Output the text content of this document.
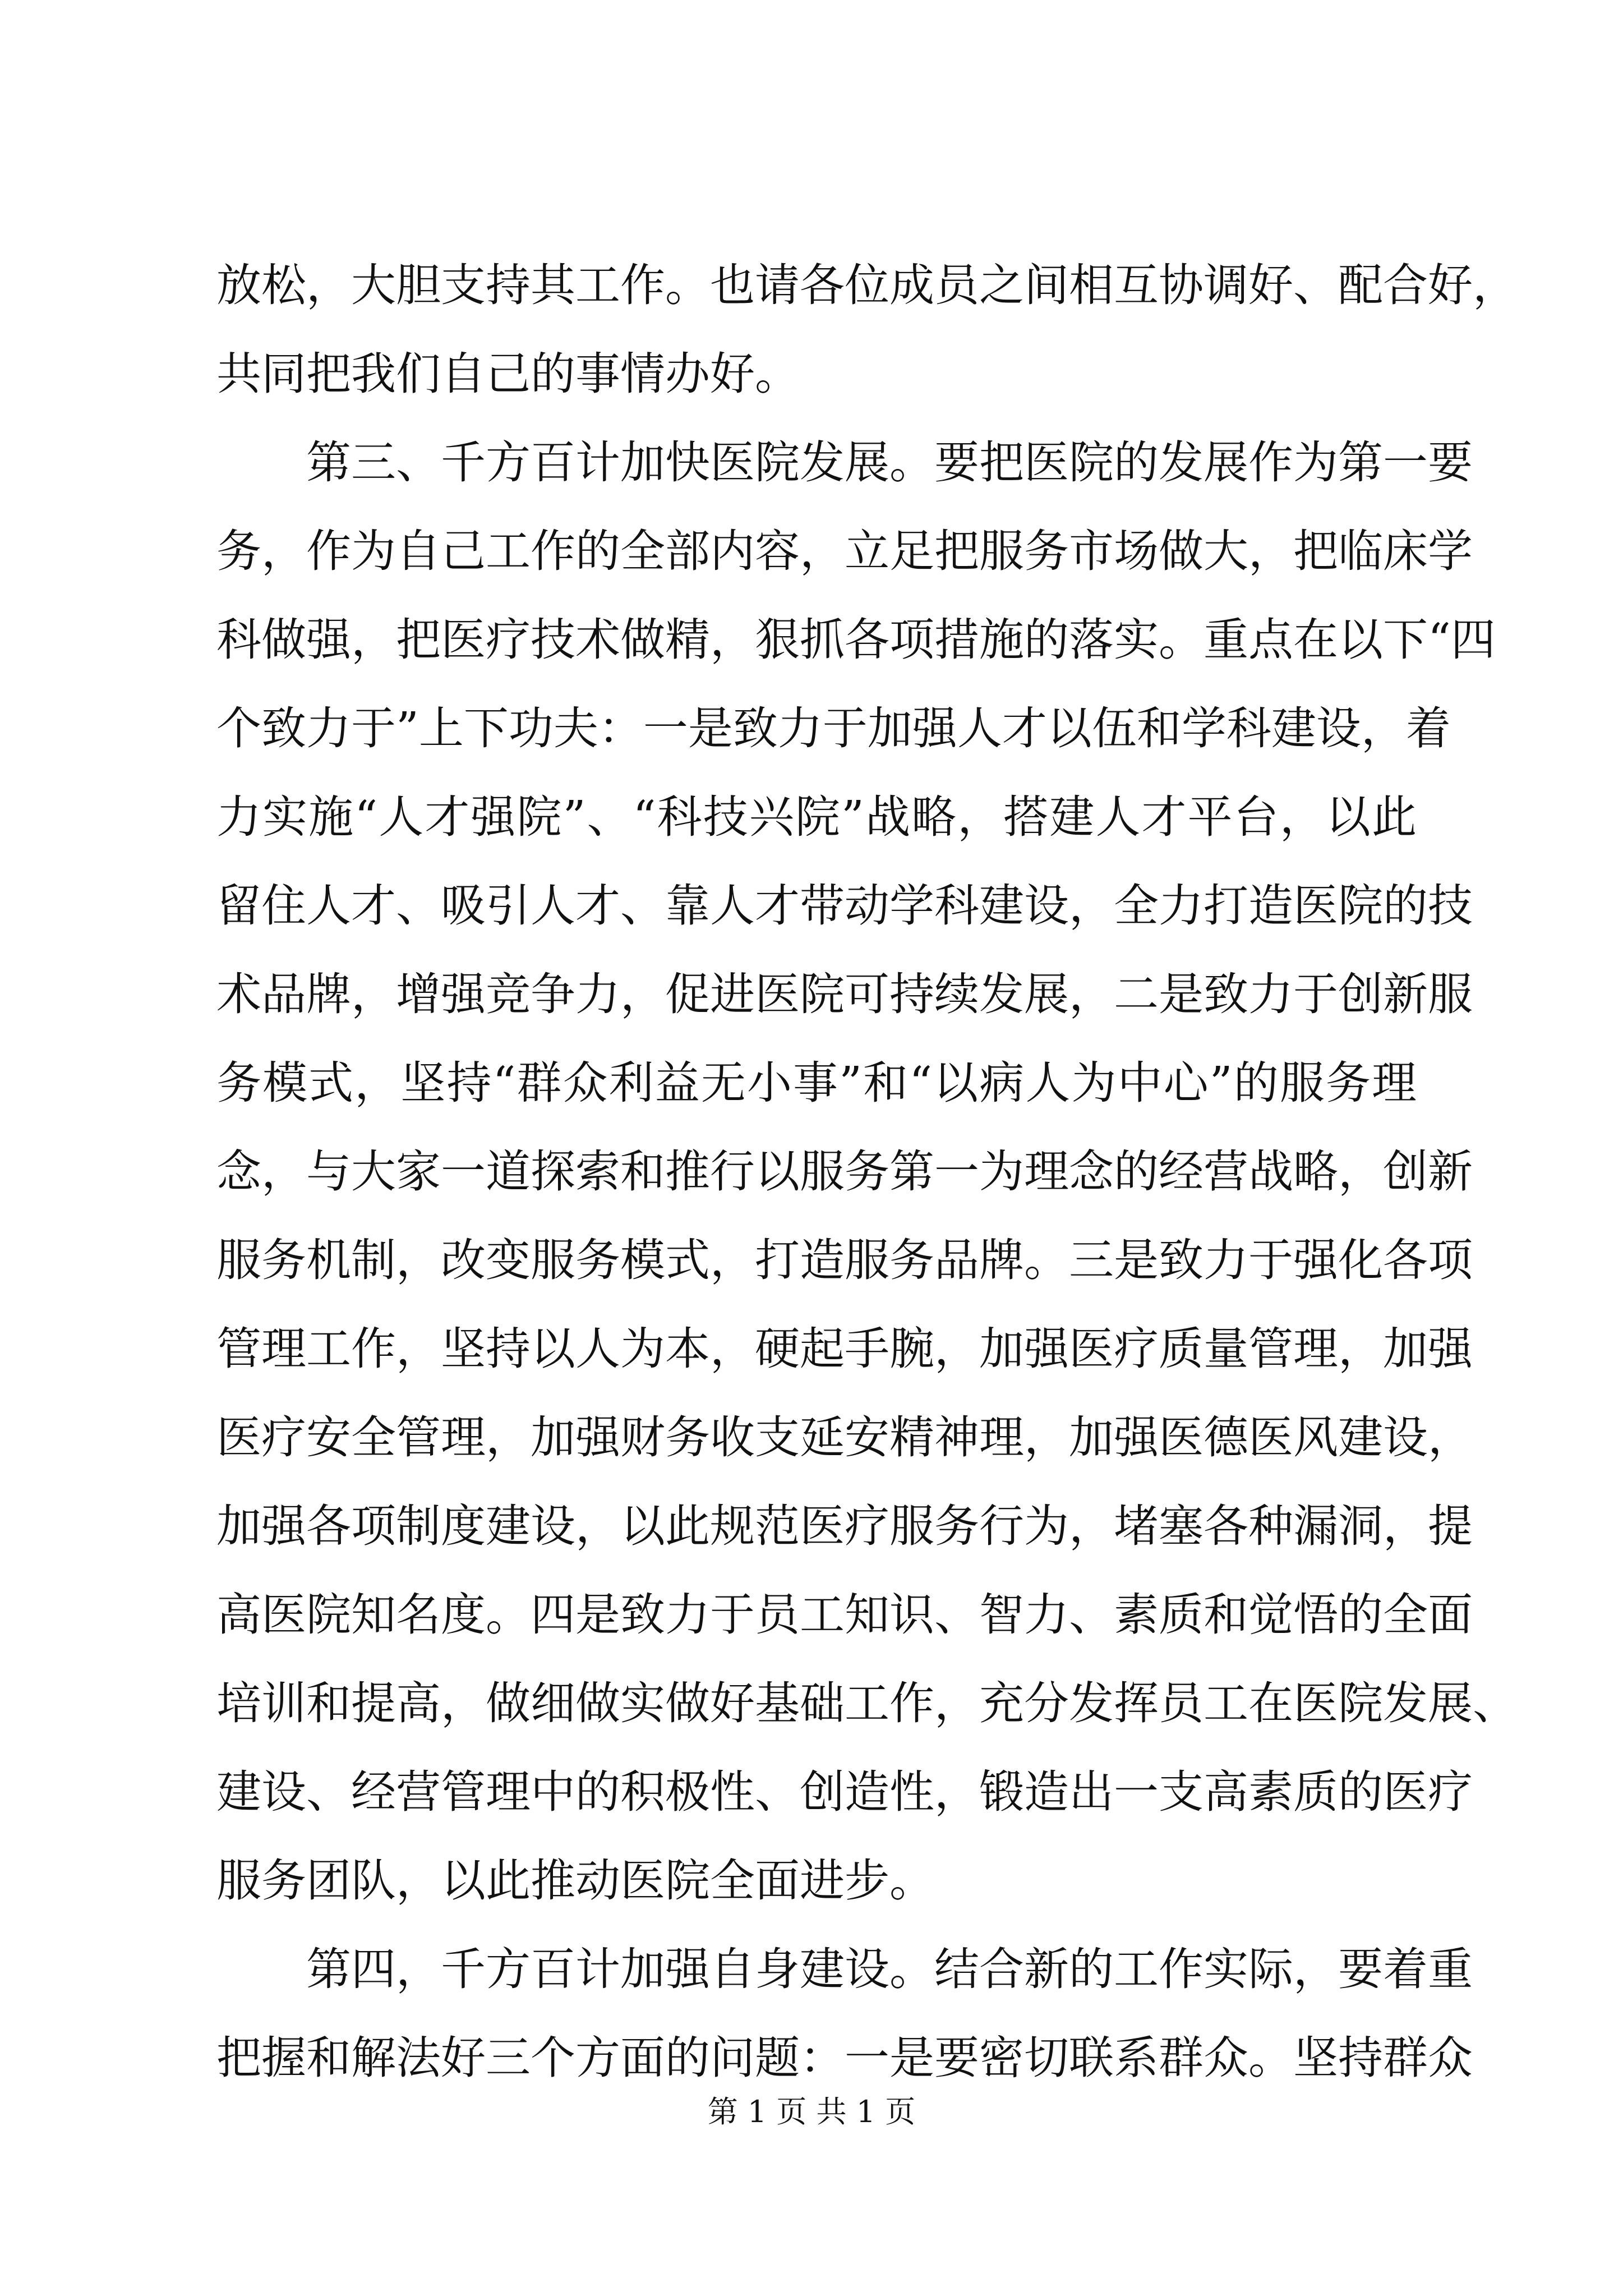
放松，大胆支持其工作。也请各位成员之间相互协调好、配合好，
共同把我们自己的事情办好。
第三、千方百计加快医院发展。要把医院的发展作为第一要
务，作为自己工作的全部内容，立足把服务市场做大，把临床学
科做强，把医疗技术做精，狠抓各项措施的落实。重点在以下“四
个致力于”上下功夫：一是致力于加强人才以伍和学科建设，着
力实施“人才强院”、“科技兴院”战略，搭建人才平台，以此
留住人才、吸引人才、靠人才带动学科建设，全力打造医院的技
术品牌，增强竞争力，促进医院可持续发展，二是致力于创新服
务模式，坚持“群众利益无小事”和“以病人为中心”的服务理
念，与大家一道探索和推行以服务第一为理念的经营战略，创新
服务机制，改变服务模式，打造服务品牌。三是致力于强化各项
管理工作，坚持以人为本，硬起手腕，加强医疗质量管理，加强
医疗安全管理，加强财务收支延安精神理，加强医德医风建设，
加强各项制度建设，以此规范医疗服务行为，堵塞各种漏洞，提
高医院知名度。四是致力于员工知识、智力、素质和觉悟的全面
培训和提高，做细做实做好基础工作，充分发挥员工在医院发展、
建设、经营管理中的积极性、创造性，锻造出一支高素质的医疗
服务团队，以此推动医院全面进步。
第四，千方百计加强自身建设。结合新的工作实际，要着重
把握和解法好三个方面的问题：一是要密切联系群众。坚持群众
第 1 页 共 1 页
